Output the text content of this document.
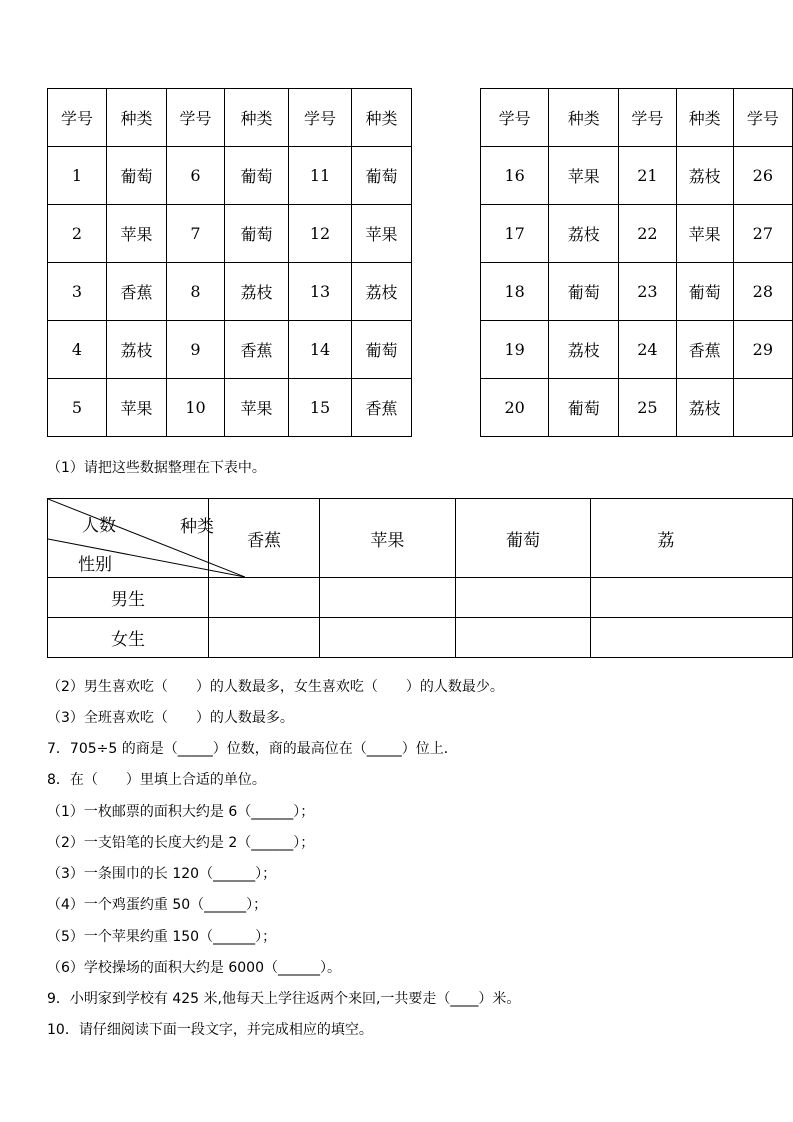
学号	种类	学号	种类	学号	种类
1	葡萄	6	葡萄	11	葡萄
2	苹果	7	葡萄	12	苹果
3	香蕉	8	荔枝	13	荔枝
4	荔枝	9	香蕉	14	葡萄
5	苹果	10	苹果	15	香蕉
学号	种类	学号	种类	学号
16	苹果	21	荔枝	26
17	荔枝	22	苹果	27
18	葡萄	23	葡萄	28
19	荔枝	24	香蕉	29
20	葡萄	25	荔枝	
人数 种类
性别	香蕉	苹果	葡萄	荔
男生				
女生				
（1）请把这些数据整理在下表中。
（2）男生喜欢吃（　　）的人数最多，女生喜欢吃（　　）的人数最少。
（3）全班喜欢吃（　　）的人数最多。
7．705÷5 的商是（_____）位数，商的最高位在（_____）位上．
8．在（　　）里填上合适的单位。
（1）一枚邮票的面积大约是 6（______）；
（2）一支铅笔的长度大约是 2（______）；
（3）一条围巾的长 120（______）；
（4）一个鸡蛋约重 50（______）；
（5）一个苹果约重 150（______）；
（6）学校操场的面积大约是 6000（______）。
9．小明家到学校有 425 米,他每天上学往返两个来回,一共要走（____）米。
10．请仔细阅读下面一段文字，并完成相应的填空。
